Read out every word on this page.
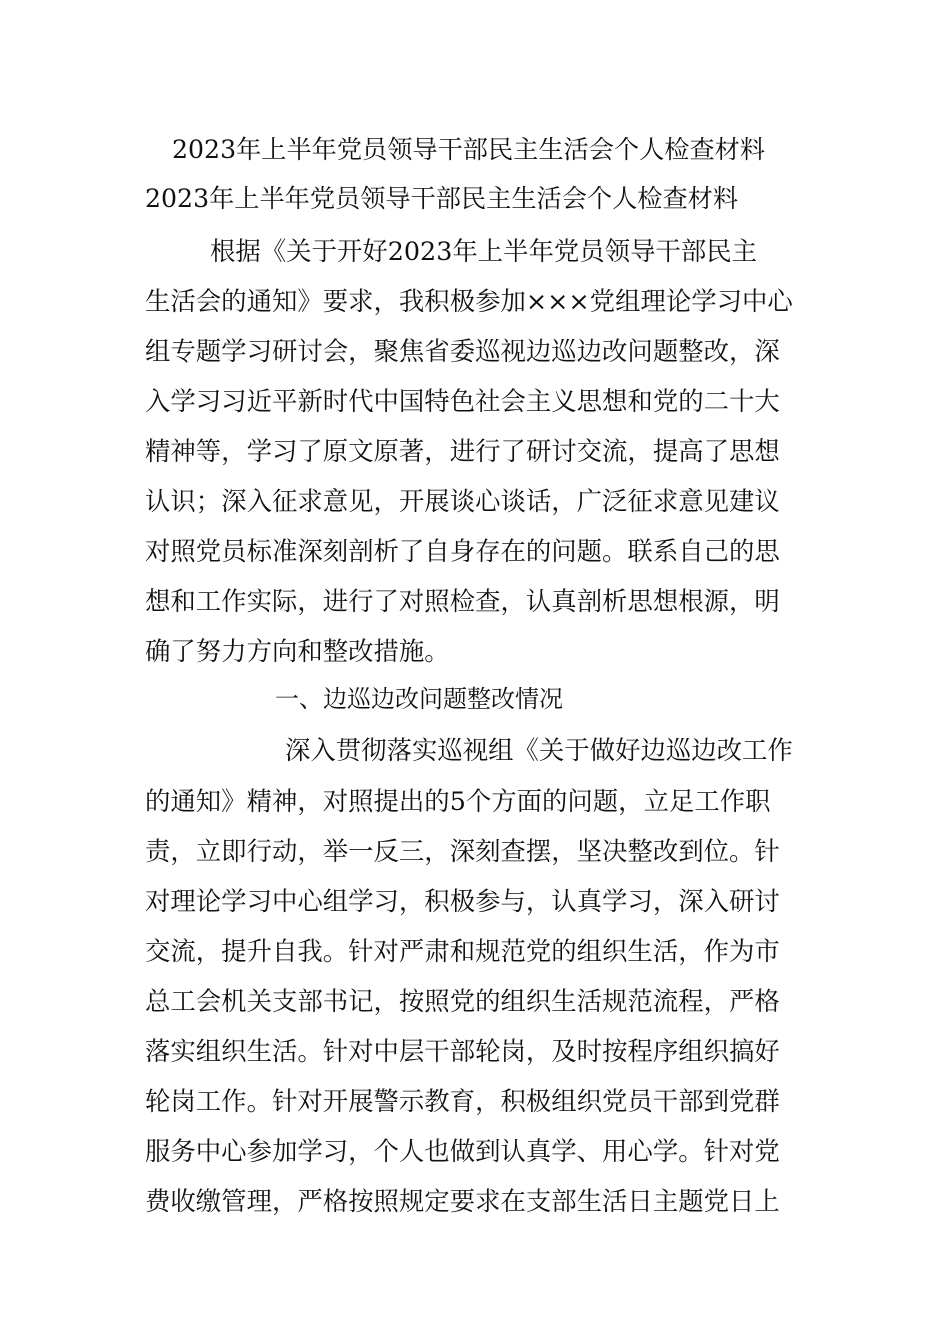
2023年上半年党员领导干部民主生活会个人检查材料

2023年上半年党员领导干部民主生活会个人检查材料

根据《关于开好2023年上半年党员领导干部民主

生活会的通知》要求，我积极参加×××党组理论学习中心

组专题学习研讨会，聚焦省委巡视边巡边改问题整改，深

入学习习近平新时代中国特色社会主义思想和党的二十大

精神等，学习了原文原著，进行了研讨交流，提高了思想

认识；深入征求意见，开展谈心谈话，广泛征求意见建议

对照党员标准深刻剖析了自身存在的问题。联系自己的思

想和工作实际，进行了对照检查，认真剖析思想根源，明

确了努力方向和整改措施。

一、边巡边改问题整改情况

深入贯彻落实巡视组《关于做好边巡边改工作

的通知》精神，对照提出的5个方面的问题，立足工作职

责，立即行动，举一反三，深刻查摆，坚决整改到位。针

对理论学习中心组学习，积极参与，认真学习，深入研讨

交流，提升自我。针对严肃和规范党的组织生活，作为市

总工会机关支部书记，按照党的组织生活规范流程，严格

落实组织生活。针对中层干部轮岗，及时按程序组织搞好

轮岗工作。针对开展警示教育，积极组织党员干部到党群

服务中心参加学习，个人也做到认真学、用心学。针对党

费收缴管理，严格按照规定要求在支部生活日主题党日上
